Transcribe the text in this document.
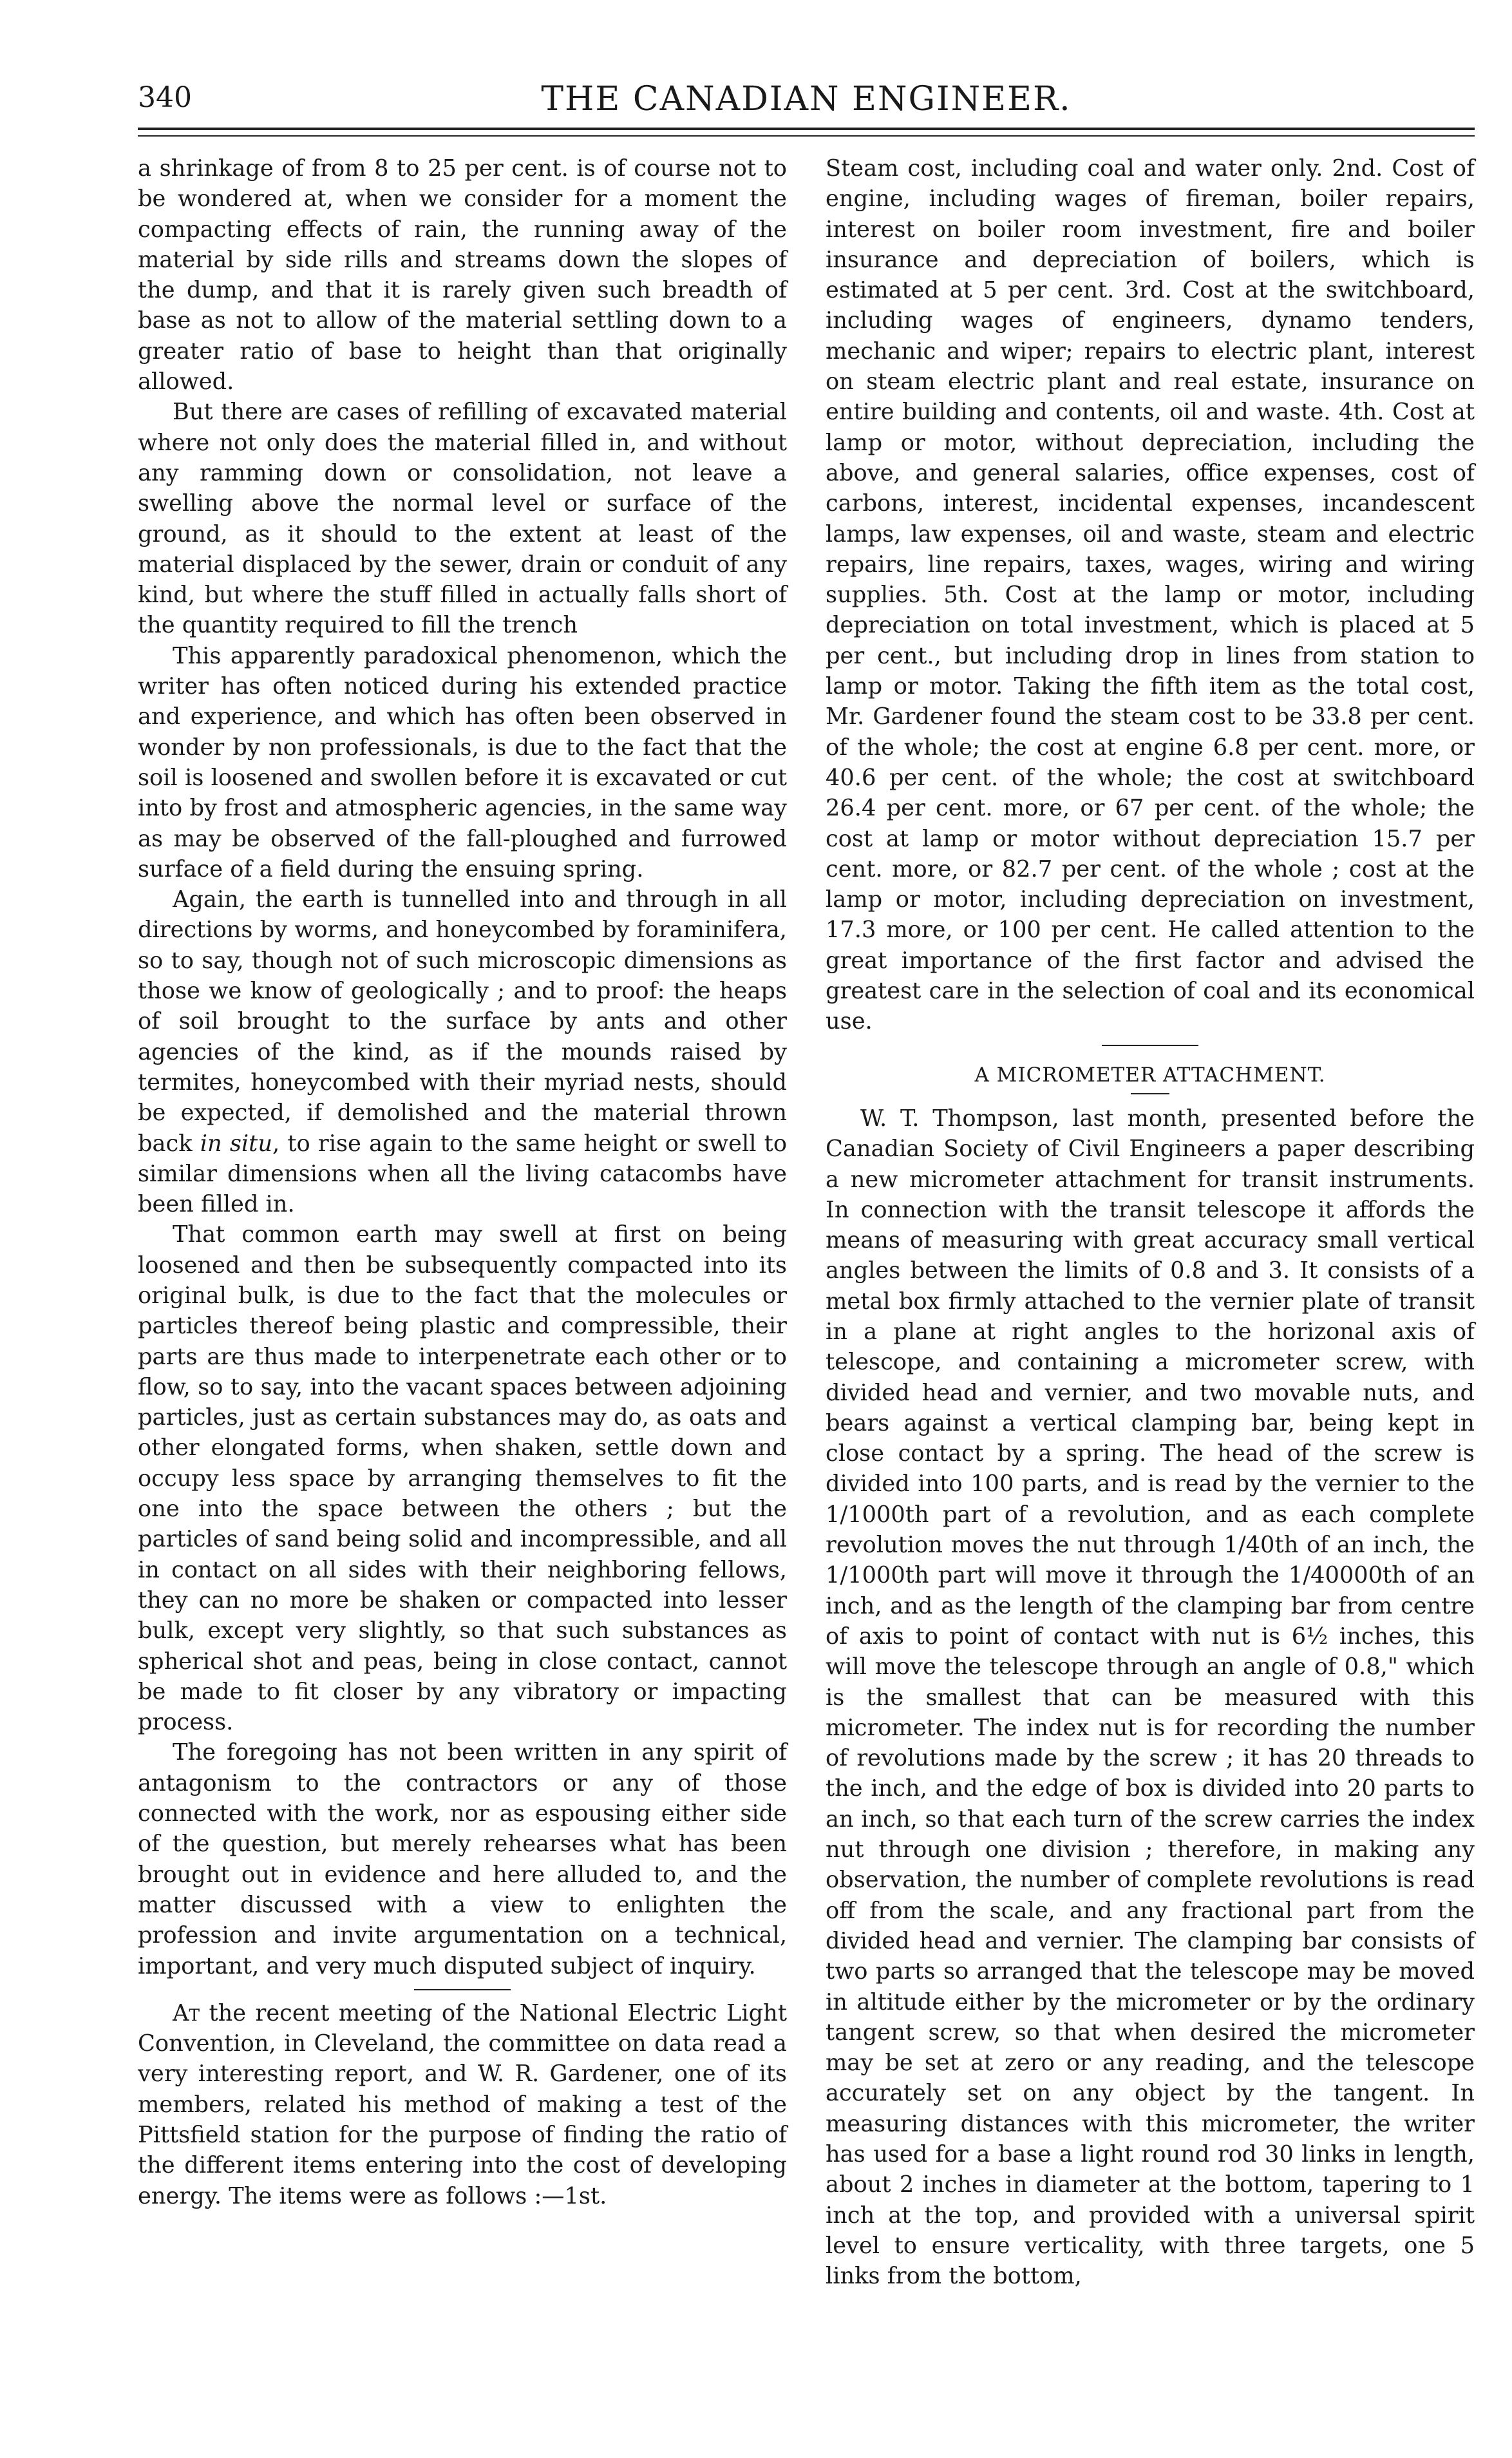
340	THE CANADIAN ENGINEER.

a shrinkage of from 8 to 25 per cent. is of course not to be wondered at, when we consider for a moment the compacting effects of rain, the running away of the material by side rills and streams down the slopes of the dump, and that it is rarely given such breadth of base as not to allow of the material settling down to a greater ratio of base to height than that originally allowed.

But there are cases of refilling of excavated material where not only does the material filled in, and without any ramming down or consolidation, not leave a swelling above the normal level or surface of the ground, as it should to the extent at least of the material displaced by the sewer, drain or conduit of any kind, but where the stuff filled in actually falls short of the quantity required to fill the trench

This apparently paradoxical phenomenon, which the writer has often noticed during his extended practice and experience, and which has often been observed in wonder by non professionals, is due to the fact that the soil is loosened and swollen before it is excavated or cut into by frost and atmospheric agencies, in the same way as may be observed of the fall-ploughed and furrowed surface of a field during the ensuing spring.

Again, the earth is tunnelled into and through in all directions by worms, and honeycombed by foraminifera, so to say, though not of such microscopic dimensions as those we know of geologically ; and to proof: the heaps of soil brought to the surface by ants and other agencies of the kind, as if the mounds raised by termites, honeycombed with their myriad nests, should be expected, if demolished and the material thrown back in situ, to rise again to the same height or swell to similar dimensions when all the living catacombs have been filled in.

That common earth may swell at first on being loosened and then be subsequently compacted into its original bulk, is due to the fact that the molecules or particles thereof being plastic and compressible, their parts are thus made to interpenetrate each other or to flow, so to say, into the vacant spaces between adjoining particles, just as certain substances may do, as oats and other elongated forms, when shaken, settle down and occupy less space by arranging themselves to fit the one into the space between the others ; but the particles of sand being solid and incompressible, and all in contact on all sides with their neighboring fellows, they can no more be shaken or compacted into lesser bulk, except very slightly, so that such substances as spherical shot and peas, being in close contact, cannot be made to fit closer by any vibratory or impacting process.

The foregoing has not been written in any spirit of antagonism to the contractors or any of those connected with the work, nor as espousing either side of the question, but merely rehearses what has been brought out in evidence and here alluded to, and the matter discussed with a view to enlighten the profession and invite argumentation on a technical, important, and very much disputed subject of inquiry.

At the recent meeting of the National Electric Light Convention, in Cleveland, the committee on data read a very interesting report, and W. R. Gardener, one of its members, related his method of making a test of the Pittsfield station for the purpose of finding the ratio of the different items entering into the cost of developing energy. The items were as follows :—1st.

Steam cost, including coal and water only. 2nd. Cost of engine, including wages of fireman, boiler repairs, interest on boiler room investment, fire and boiler insurance and depreciation of boilers, which is estimated at 5 per cent. 3rd. Cost at the switchboard, including wages of engineers, dynamo tenders, mechanic and wiper; repairs to electric plant, interest on steam electric plant and real estate, insurance on entire building and contents, oil and waste. 4th. Cost at lamp or motor, without depreciation, including the above, and general salaries, office expenses, cost of carbons, interest, incidental expenses, incandescent lamps, law expenses, oil and waste, steam and electric repairs, line repairs, taxes, wages, wiring and wiring supplies. 5th. Cost at the lamp or motor, including depreciation on total investment, which is placed at 5 per cent., but including drop in lines from station to lamp or motor. Taking the fifth item as the total cost, Mr. Gardener found the steam cost to be 33.8 per cent. of the whole; the cost at engine 6.8 per cent. more, or 40.6 per cent. of the whole; the cost at switchboard 26.4 per cent. more, or 67 per cent. of the whole; the cost at lamp or motor without depreciation 15.7 per cent. more, or 82.7 per cent. of the whole ; cost at the lamp or motor, including depreciation on investment, 17.3 more, or 100 per cent. He called attention to the great importance of the first factor and advised the greatest care in the selection of coal and its economical use.

A MICROMETER ATTACHMENT.

W. T. Thompson, last month, presented before the Canadian Society of Civil Engineers a paper describing a new micrometer attachment for transit instruments. In connection with the transit telescope it affords the means of measuring with great accuracy small vertical angles between the limits of 0.8 and 3. It consists of a metal box firmly attached to the vernier plate of transit in a plane at right angles to the horizonal axis of telescope, and containing a micrometer screw, with divided head and vernier, and two movable nuts, and bears against a vertical clamping bar, being kept in close contact by a spring. The head of the screw is divided into 100 parts, and is read by the vernier to the 1/1000th part of a revolution, and as each complete revolution moves the nut through 1/40th of an inch, the 1/1000th part will move it through the 1/40000th of an inch, and as the length of the clamping bar from centre of axis to point of contact with nut is 6½ inches, this will move the telescope through an angle of 0.8," which is the smallest that can be measured with this micrometer. The index nut is for recording the number of revolutions made by the screw ; it has 20 threads to the inch, and the edge of box is divided into 20 parts to an inch, so that each turn of the screw carries the index nut through one division ; therefore, in making any observation, the number of complete revolutions is read off from the scale, and any fractional part from the divided head and vernier. The clamping bar consists of two parts so arranged that the telescope may be moved in altitude either by the micrometer or by the ordinary tangent screw, so that when desired the micrometer may be set at zero or any reading, and the telescope accurately set on any object by the tangent. In measuring distances with this micrometer, the writer has used for a base a light round rod 30 links in length, about 2 inches in diameter at the bottom, tapering to 1 inch at the top, and provided with a universal spirit level to ensure verticality, with three targets, one 5 links from the bottom,
